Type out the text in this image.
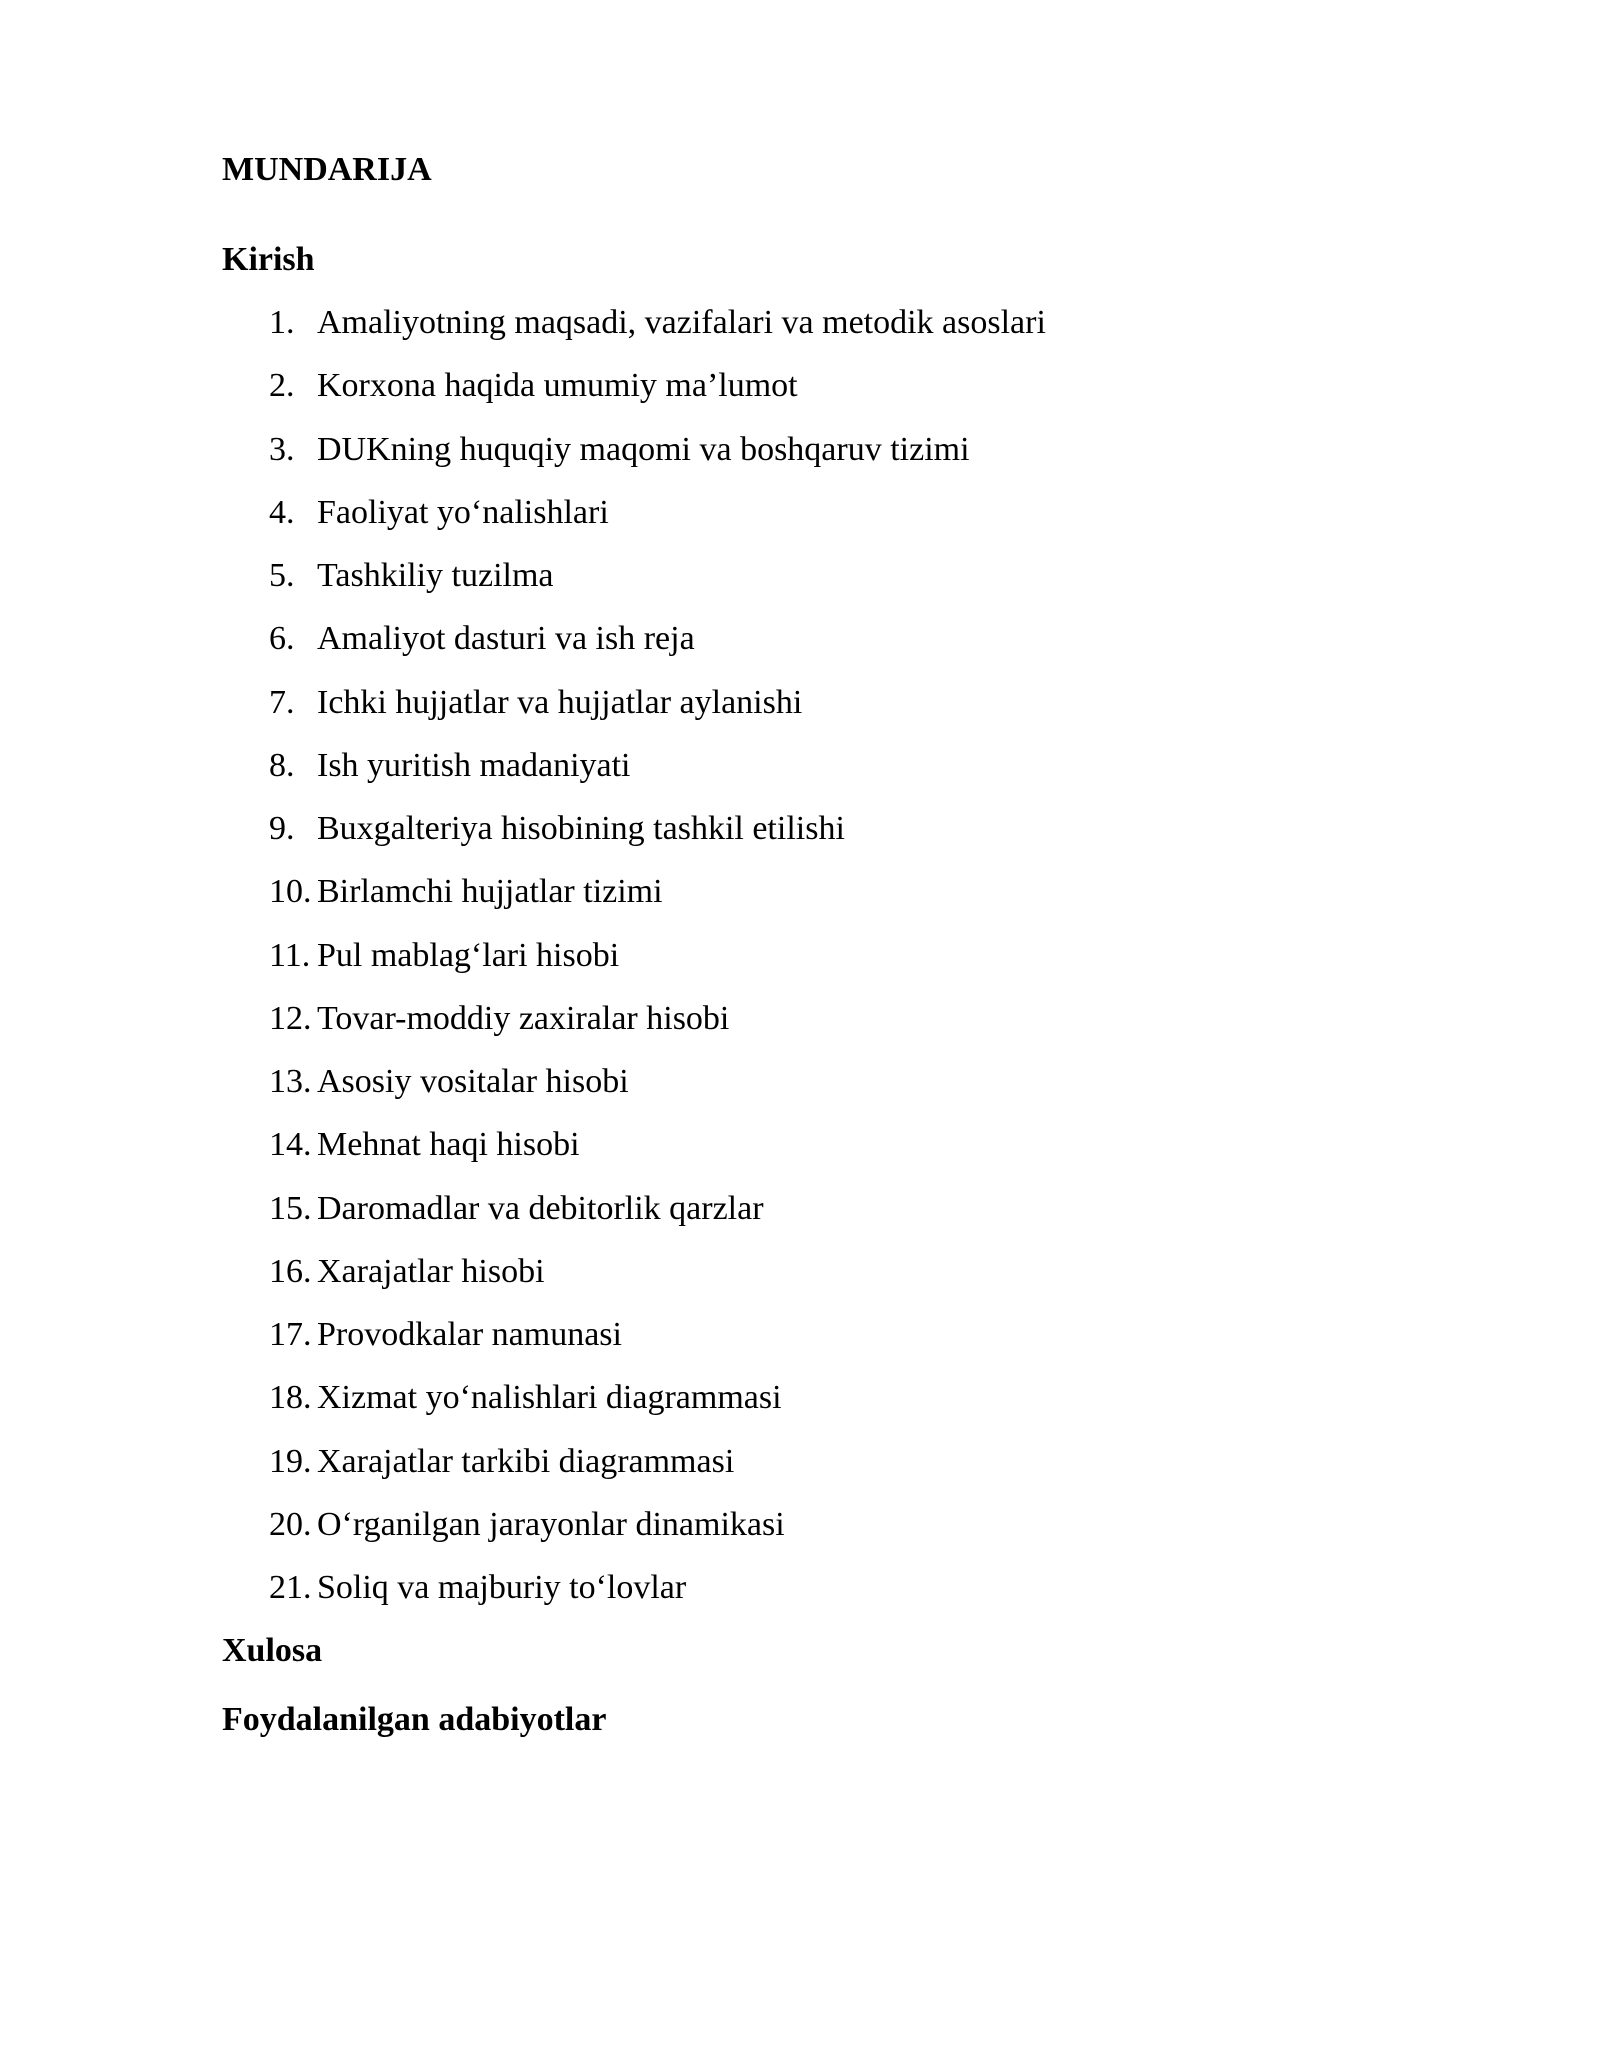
MUNDARIJA
Kirish
1. Amaliyotning maqsadi, vazifalari va metodik asoslari
2. Korxona haqida umumiy ma’lumot
3. DUKning huquqiy maqomi va boshqaruv tizimi
4. Faoliyat yo‘nalishlari
5. Tashkiliy tuzilma
6. Amaliyot dasturi va ish reja
7. Ichki hujjatlar va hujjatlar aylanishi
8. Ish yuritish madaniyati
9. Buxgalteriya hisobining tashkil etilishi
10. Birlamchi hujjatlar tizimi
11. Pul mablag‘lari hisobi
12. Tovar-moddiy zaxiralar hisobi
13. Asosiy vositalar hisobi
14. Mehnat haqi hisobi
15. Daromadlar va debitorlik qarzlar
16. Xarajatlar hisobi
17. Provodkalar namunasi
18. Xizmat yo‘nalishlari diagrammasi
19. Xarajatlar tarkibi diagrammasi
20. O‘rganilgan jarayonlar dinamikasi
21. Soliq va majburiy to‘lovlar
Xulosa
Foydalanilgan adabiyotlar
